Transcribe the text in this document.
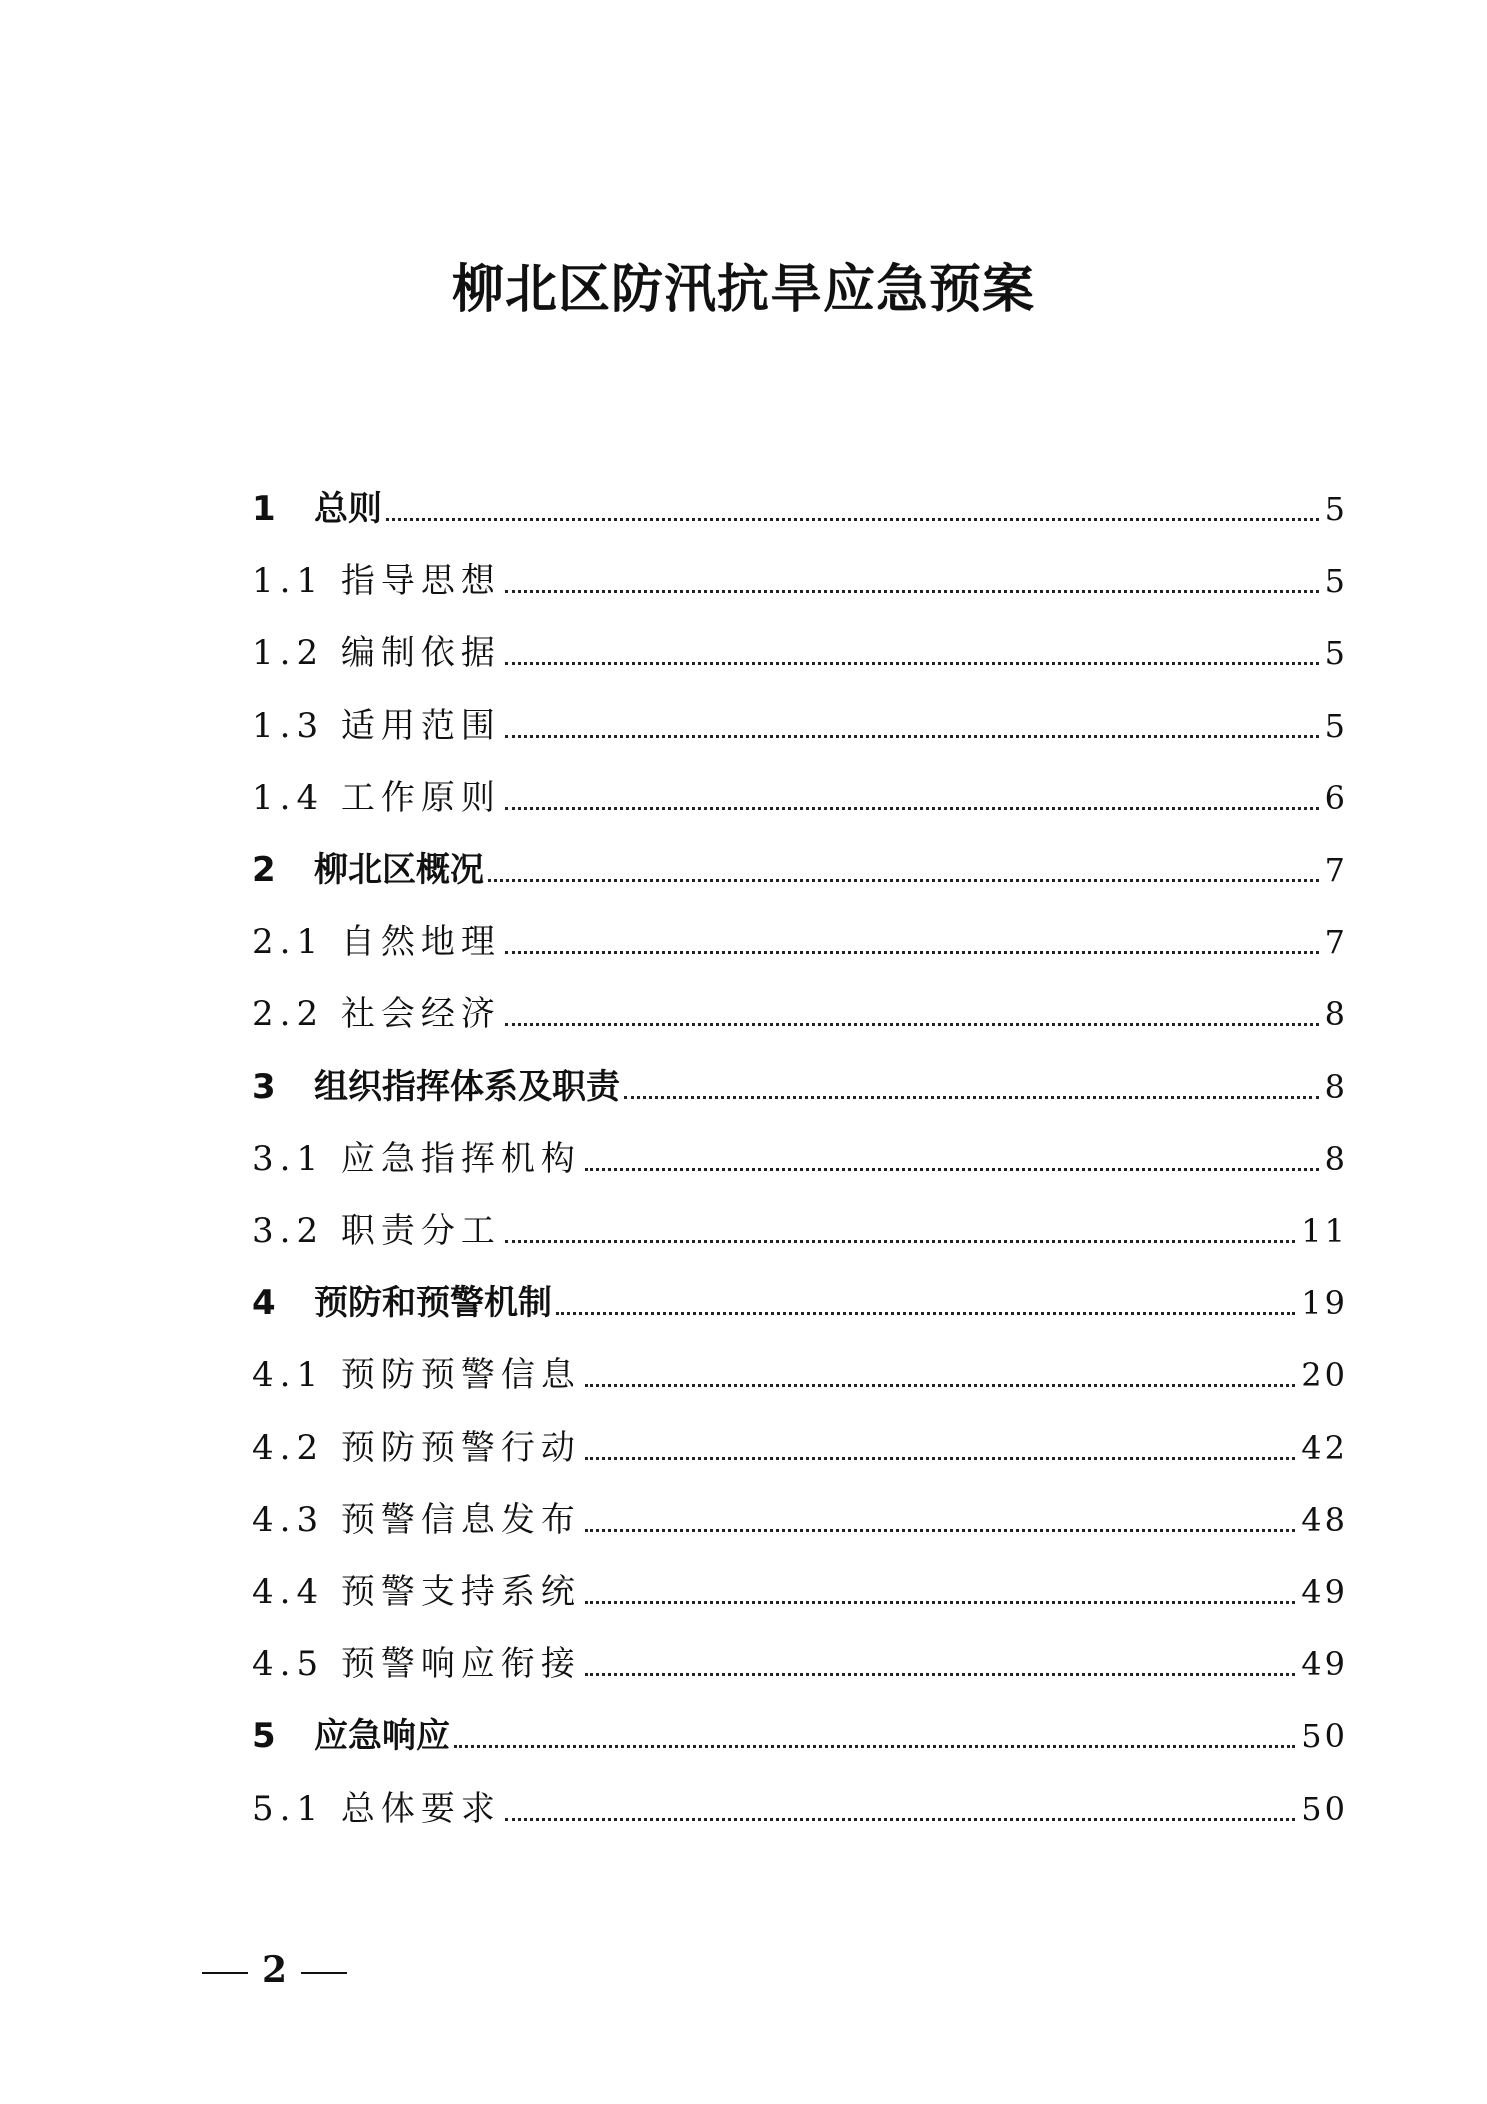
柳北区防汛抗旱应急预案
1 总则	5
1.1 指导思想	5
1.2 编制依据	5
1.3 适用范围	5
1.4 工作原则	6
2 柳北区概况	7
2.1 自然地理	7
2.2 社会经济	8
3 组织指挥体系及职责	8
3.1 应急指挥机构	8
3.2 职责分工	11
4 预防和预警机制	19
4.1 预防预警信息	20
4.2 预防预警行动	42
4.3 预警信息发布	48
4.4 预警支持系统	49
4.5 预警响应衔接	49
5 应急响应	50
5.1 总体要求	50
2
